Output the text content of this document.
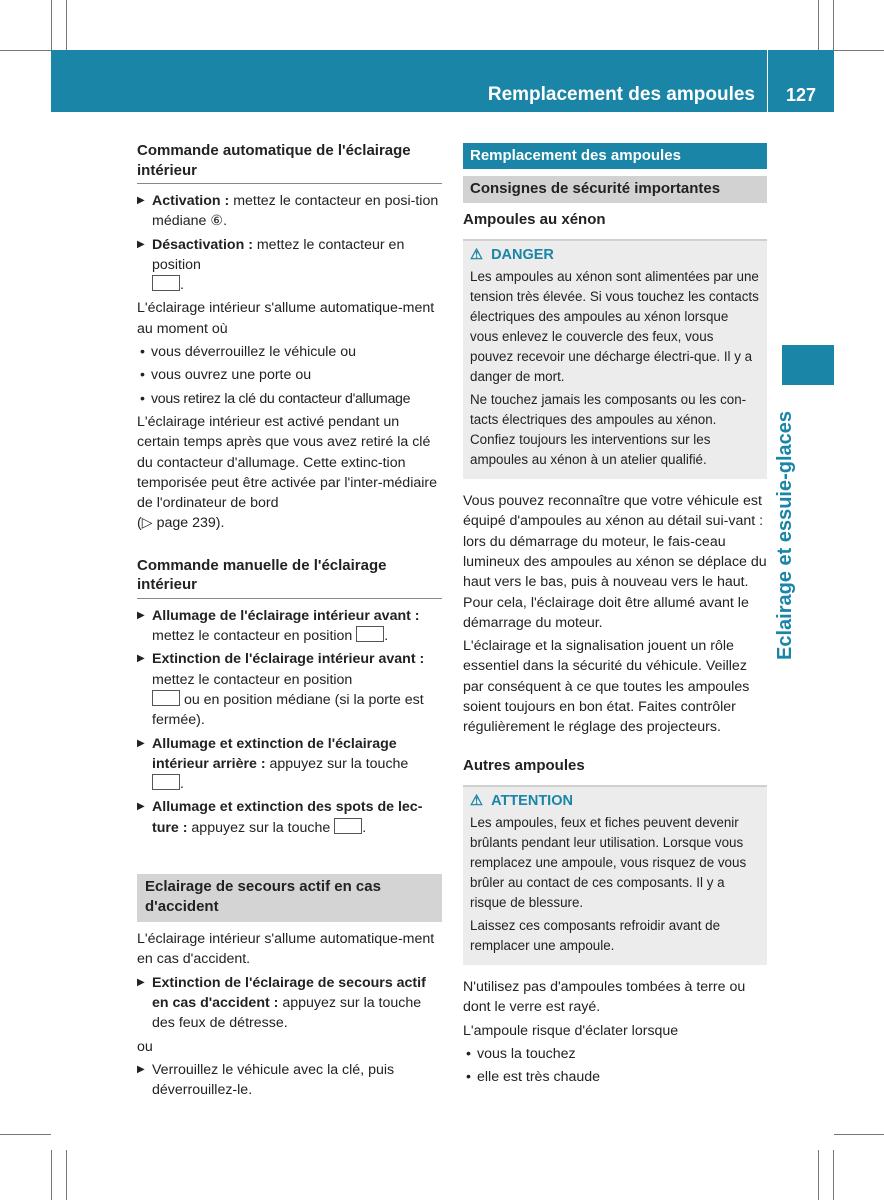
Remplacement des ampoules	127
Eclairage et essuie-glaces
Commande automatique de l'éclairage intérieur

▶ Activation : mettez le contacteur en posi-tion médiane ⑥.

▶ Désactivation : mettez le contacteur en position
.

L'éclairage intérieur s'allume automatique-ment au moment où

• vous déverrouillez le véhicule ou

• vous ouvrez une porte ou

• vous retirez la clé du contacteur d'allumage

L'éclairage intérieur est activé pendant un certain temps après que vous avez retiré la clé du contacteur d'allumage. Cette extinc-tion temporisée peut être activée par l'inter-médiaire de l'ordinateur de bord
(▷ page 239).

Commande manuelle de l'éclairage intérieur

▶ Allumage de l'éclairage intérieur avant : mettez le contacteur en position .

▶ Extinction de l'éclairage intérieur avant : mettez le contacteur en position
ou en position médiane (si la porte est fermée).

▶ Allumage et extinction de l'éclairage intérieur arrière : appuyez sur la touche
.

▶ Allumage et extinction des spots de lec-ture : appuyez sur la touche .

Eclairage de secours actif en cas d'accident

L'éclairage intérieur s'allume automatique-ment en cas d'accident.

▶ Extinction de l'éclairage de secours actif en cas d'accident : appuyez sur la touche des feux de détresse.

ou

▶ Verrouillez le véhicule avec la clé, puis déverrouillez-le.

Remplacement des ampoules
Consignes de sécurité importantes
Ampoules au xénon
⚠ DANGER

Les ampoules au xénon sont alimentées par une tension très élevée. Si vous touchez les contacts électriques des ampoules au xénon lorsque vous enlevez le couvercle des feux, vous pouvez recevoir une décharge électri-que. Il y a danger de mort.

Ne touchez jamais les composants ou les con-tacts électriques des ampoules au xénon. Confiez toujours les interventions sur les ampoules au xénon à un atelier qualifié.

Vous pouvez reconnaître que votre véhicule est équipé d'ampoules au xénon au détail sui-vant : lors du démarrage du moteur, le fais-ceau lumineux des ampoules au xénon se déplace du haut vers le bas, puis à nouveau vers le haut. Pour cela, l'éclairage doit être allumé avant le démarrage du moteur.

L'éclairage et la signalisation jouent un rôle essentiel dans la sécurité du véhicule. Veillez par conséquent à ce que toutes les ampoules soient toujours en bon état. Faites contrôler régulièrement le réglage des projecteurs.

Autres ampoules
⚠ ATTENTION

Les ampoules, feux et fiches peuvent devenir brûlants pendant leur utilisation. Lorsque vous remplacez une ampoule, vous risquez de vous brûler au contact de ces composants. Il y a risque de blessure.

Laissez ces composants refroidir avant de remplacer une ampoule.

N'utilisez pas d'ampoules tombées à terre ou dont le verre est rayé.

L'ampoule risque d'éclater lorsque

• vous la touchez

• elle est très chaude
